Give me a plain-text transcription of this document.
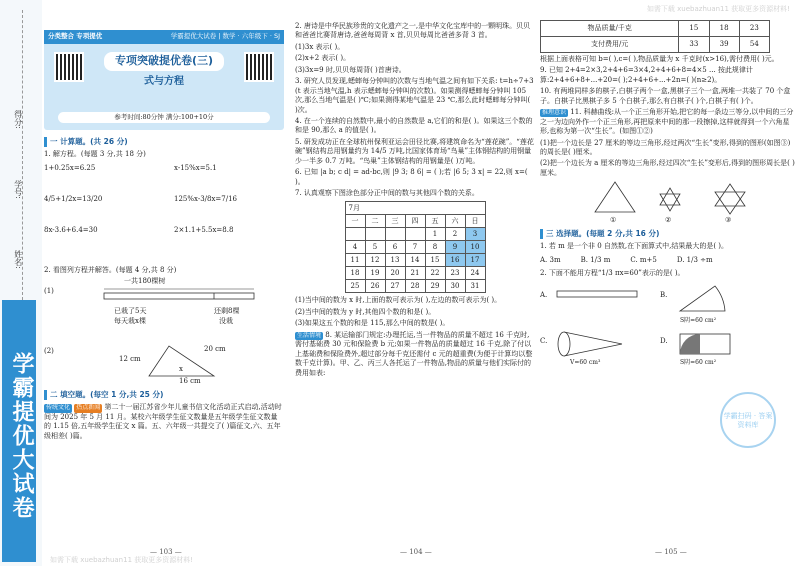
如需下载 xuebazhuan11 获取更多资源材料!
如需下载 xuebazhuan11 获取更多资源材料!
得分:
学号:
姓名:
学霸提优大试卷
分类整合 专项提优	学霸提优大试卷 | 数学 · 六年级下 · SJ
专项突破提优卷(三)
式与方程
参考时间:80分钟 满分:100+10分
一 计算题。(共 26 分)
1. 解方程。(每题 3 分,共 18 分)
1+0.25x=6.25	x-15%x=5.1
4/5+1/2x=13/20	125%x-3/8x=7/16
8x-3.6+6.4=30	2×1.1+5.5x=8.8
2. 看图列方程并解答。(每题 4 分,共 8 分)
(1)
一共180棵树
已栽了5天
每天栽x棵
还剩8棵
没栽
(2)
12 cm
20 cm
16 cm
x
二 填空题。(每空 1 分,共 25 分)
传统文化 热点新闻 第二十一届江苏省少年儿童书信文化活动正式启动,活动时间为 2025 年 5 月 11 月。某校六年级学生征文数量是五年级学生征文数量的 1.15 倍,五年级学生征文 x 篇。五、六年级一共提交了( )篇征文,六、五年级相差( )篇。
— 103 —
2. 唐诗是中华民族珍贵的文化遗产之一,是中华文化宝库中的一颗明珠。贝贝和爸爸比赛背唐诗,爸爸每周背 x 首,贝贝每周比爸爸多背 3 首。
(1)3x 表示( )。
(2)x+2 表示( )。
(3)3x=9 时,贝贝每周背( )首唐诗。
3. 研究人员发现,蟋蟀每分钟叫的次数与当地气温之间有如下关系: t=h÷7+3 (t 表示当地气温,h 表示蟋蟀每分钟叫的次数)。如果测得蟋蟀每分钟叫 105 次,那么当地气温是( )℃;如果测得某地气温是 23 ℃,那么此时蟋蟀每分钟叫( )次。
4. 在一个连续的自然数中,最小的自然数是 a,它们的和是( )。如果这三个数的和是 90,那么 a 的值是( )。
5. 研发成功正在全球杭州保利亚运会田径比赛,将建筑命名为“莲花碗”。“莲花碗”钢结构总用钢量约为 14/5 万吨,比国家体育场“鸟巢”主体钢结构的用钢量少一半多 0.7 万吨。“鸟巢”主体钢结构的用钢量是( )万吨。
6. 已知 |a b; c d| = ad-bc,则 |9 3; 8 6| = ( );若 |6 5; 3 x| = 22,则 x=( )。
7. 认真观察下图涂色部分正中间的数与其他四个数的关系。
7月						
一	二	三	四	五	六	日
				1	2	3
4	5	6	7	8	9	10
11	12	13	14	15	16	17
18	19	20	21	22	23	24
25	26	27	28	29	30	31
(1)当中间的数为 x 时,上面的数可表示为( ),左边的数可表示为( )。
(2)当中间的数为 y 时,其他四个数的和是( )。
(3)如果这五个数的和是 115,那么中间的数是( )。
生活情境 8. 某运输部门规定:办理托运,当一件物品的质量不超过 16 千克时,需付基础费 30 元和保险费 b 元;如果一件物品的质量超过 16 千克,除了付以上基础费和保险费外,超过部分每千克还需付 c 元的超重费(为便于计算均以整数千克计算)。甲、乙、丙三人各托运了一件物品,物品的质量与他们实际付的费用如表:
— 104 —
物品质量/千克	15	18	23
支付费用/元	33	39	54
根据上面表格可知 b=( ),c=( ),物品质量为 x 千克时(x>16),需付费用( )元。
9. 已知 2+4=2×3,2+4+6=3×4,2+4+6+8=4×5 ... 按此规律计算:2+4+6+8+...+20=( );2+4+6+...+2n=( )(n≥2)。
10. 有两堆同样多的棋子,白棋子两个一盒,黑棋子三个一盒,两堆一共装了 70 个盒子。白棋子比黑棋子多 5 个白棋子,那么有白棋子( )个,白棋子有( )个。
推理意识 11. 科赫曲线:从一个正三角形开始,把它的每一条边三等分,以中间的三分之一为边向外作一个正三角形,再把原来中间的那一段擦掉,这样就得到一个六角星形,也称为第一次“生长”。(如图①②)
(1)把一个边长是 27 厘米的等边三角形,经过两次“生长”变形,得到的图形(如图③)的周长是( )厘米。
(2)把一个边长为 a 厘米的等边三角形,经过四次“生长”变形后,得到的图形周长是( )厘米。
①	②	③
三 选择题。(每题 2 分,共 16 分)
1. 若 m 是一个非 0 自然数,在下面算式中,结果最大的是( )。
A. 3m	B. 1/3 m	C. m+5	D. 1/3 ÷m
2. 下面不能用方程“1/3 πx=60”表示的是( )。
A.	B.
S阴=60 cm²
C.
V=60 cm³
D.
S阴=60 cm²
学霸扫码 · 答案资料库
— 105 —
